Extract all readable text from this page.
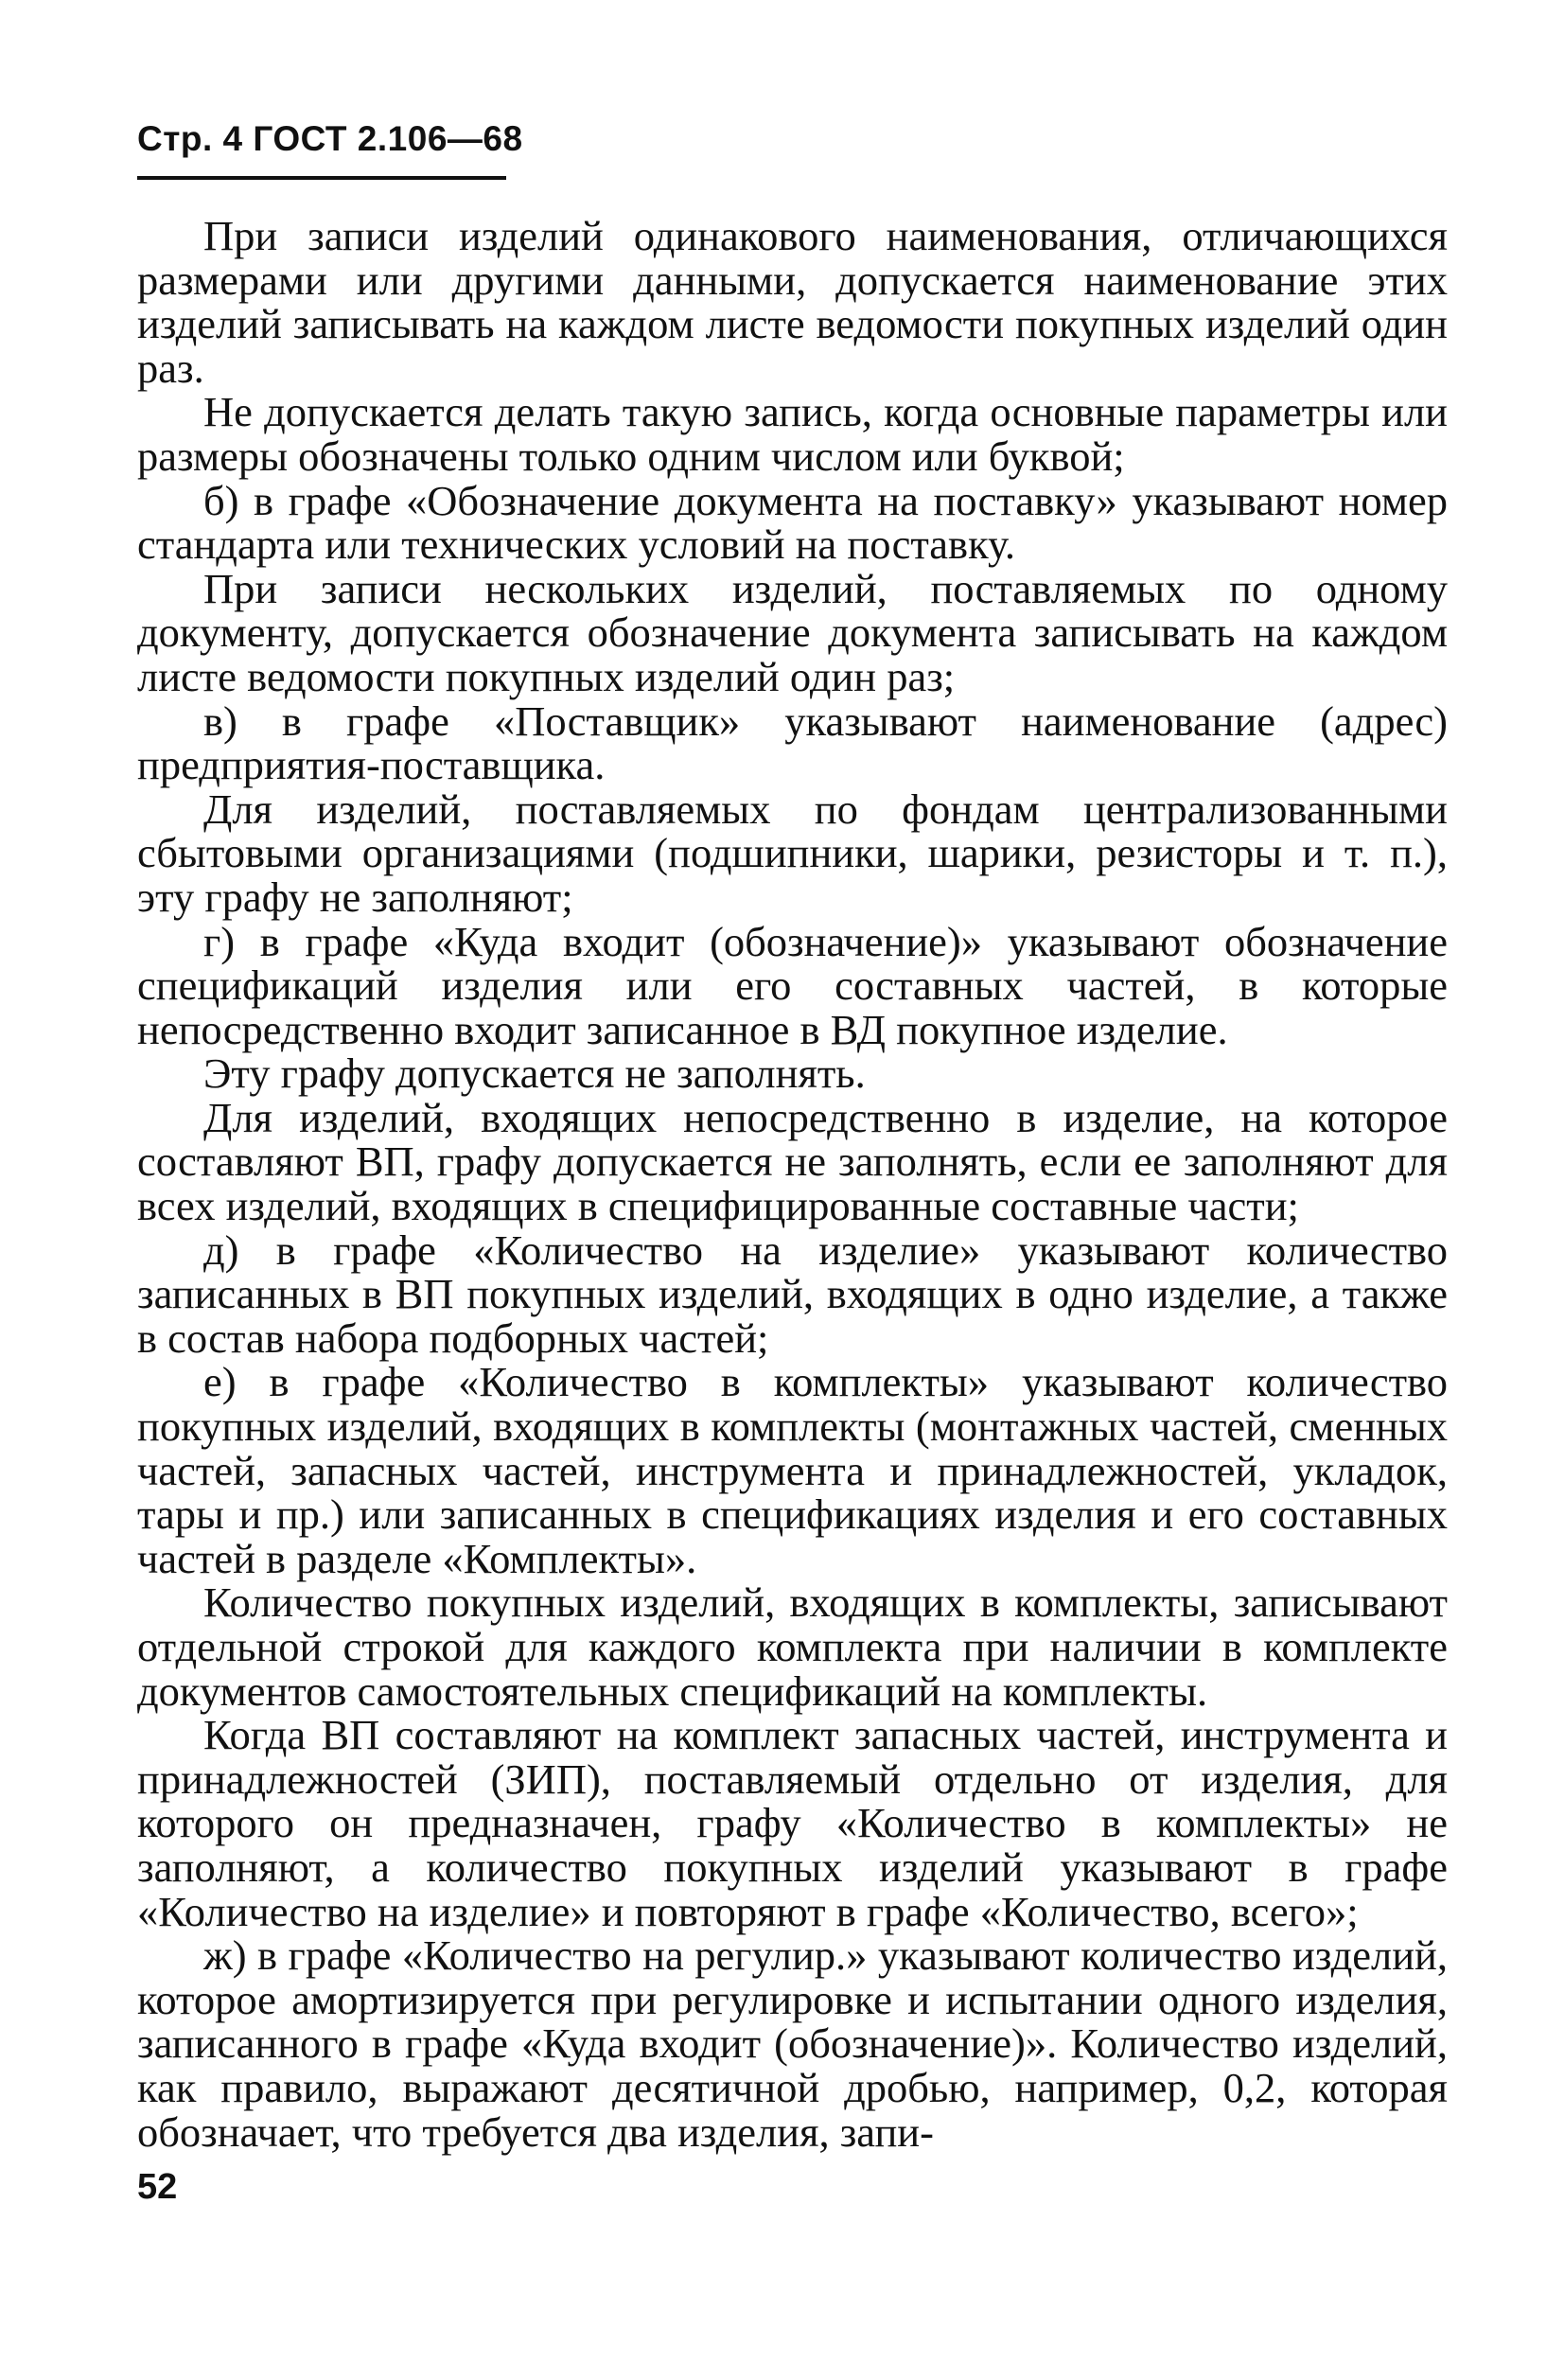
Стр. 4 ГОСТ 2.106—68

При записи изделий одинакового наименования, отличающихся размерами или другими данными, допускается наименование этих изделий записывать на каждом листе ведомости покупных изделий один раз.

Не допускается делать такую запись, когда основные параметры или размеры обозначены только одним числом или буквой;

б) в графе «Обозначение документа на поставку» указывают номер стандарта или технических условий на поставку.

При записи нескольких изделий, поставляемых по одному документу, допускается обозначение документа записывать на каждом листе ведомости покупных изделий один раз;

в) в графе «Поставщик» указывают наименование (адрес) предприятия-поставщика.

Для изделий, поставляемых по фондам централизованными сбытовыми организациями (подшипники, шарики, резисторы и т. п.), эту графу не заполняют;

г) в графе «Куда входит (обозначение)» указывают обозначение спецификаций изделия или его составных частей, в которые непосредственно входит записанное в ВД покупное изделие.

Эту графу допускается не заполнять.

Для изделий, входящих непосредственно в изделие, на которое составляют ВП, графу допускается не заполнять, если ее заполняют для всех изделий, входящих в специфицированные составные части;

д) в графе «Количество на изделие» указывают количество записанных в ВП покупных изделий, входящих в одно изделие, а также в состав набора подборных частей;

е) в графе «Количество в комплекты» указывают количество покупных изделий, входящих в комплекты (монтажных частей, сменных частей, запасных частей, инструмента и принадлежностей, укладок, тары и пр.) или записанных в спецификациях изделия и его составных частей в разделе «Комплекты».

Количество покупных изделий, входящих в комплекты, записывают отдельной строкой для каждого комплекта при наличии в комплекте документов самостоятельных спецификаций на комплекты.

Когда ВП составляют на комплект запасных частей, инструмента и принадлежностей (ЗИП), поставляемый отдельно от изделия, для которого он предназначен, графу «Количество в комплекты» не заполняют, а количество покупных изделий указывают в графе «Количество на изделие» и повторяют в графе «Количество, всего»;

ж) в графе «Количество на регулир.» указывают количество изделий, которое амортизируется при регулировке и испытании одного изделия, записанного в графе «Куда входит (обозначение)». Количество изделий, как правило, выражают десятичной дробью, например, 0,2, которая обозначает, что требуется два изделия, запи-

52
